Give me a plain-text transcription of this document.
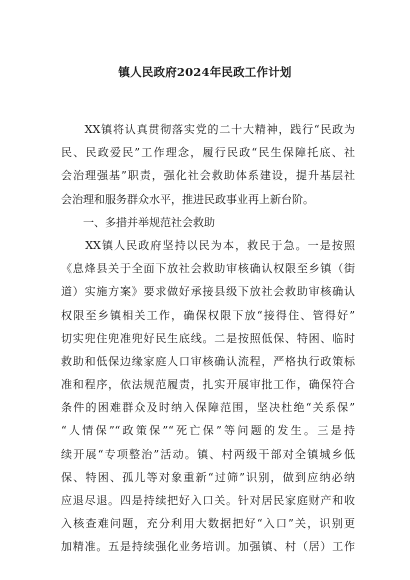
镇人民政府2024年民政工作计划
　　XX镇将认真贯彻落实党的二十大精神，践行“民政为
民、民政爱民”工作理念，履行民政“民生保障托底、社
会治理强基”职责，强化社会救助体系建设，提升基层社
会治理和服务群众水平，推进民政事业再上新台阶。
　　一、多措并举规范社会救助
　　XX镇人民政府坚持以民为本，救民于急。一是按照
《息烽县关于全面下放社会救助审核确认权限至乡镇（街
道）实施方案》要求做好承接县级下放社会救助审核确认
权限至乡镇相关工作，确保权限下放“接得住、管得好”
切实兜住兜准兜好民生底线。二是按照低保、特困、临时
救助和低保边缘家庭人口审核确认流程，严格执行政策标
准和程序，依法规范履责，扎实开展审批工作，确保符合
条件的困难群众及时纳入保障范围，坚决杜绝“关系保”
“人情保”“政策保”“死亡保”等问题的发生。三是持
续开展“专项整治”活动。镇、村两级干部对全镇城乡低
保、特困、孤儿等对象重新“过筛”识别，做到应纳必纳
应退尽退。四是持续把好入口关。针对居民家庭财产和收
入核查难问题，充分利用大数据把好“入口”关，识别更
加精准。五是持续强化业务培训。加强镇、村（居）工作
